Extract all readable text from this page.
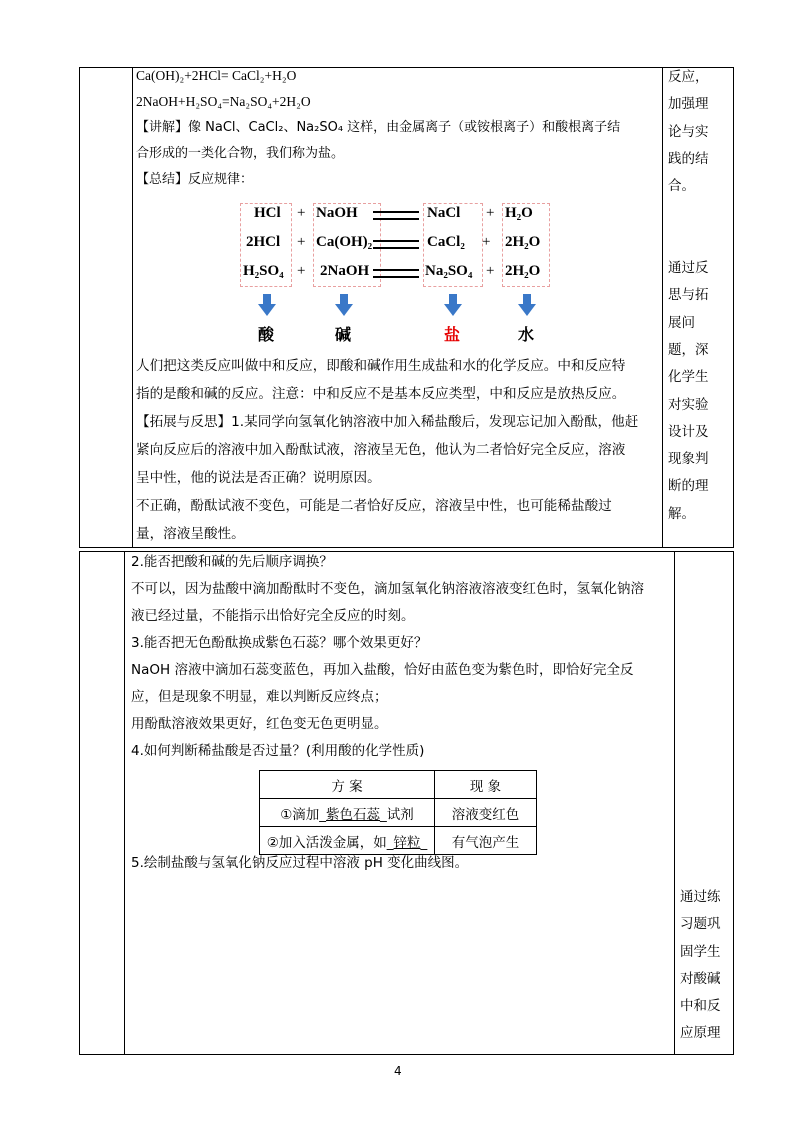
Ca(OH)₂+2HCl= CaCl₂+H₂O
2NaOH+H₂SO₄=Na₂SO₄+2H₂O
【讲解】像 NaCl、CaCl₂、Na₂SO₄ 这样，由金属离子（或铵根离子）和酸根离子结
合形成的一类化合物，我们称为盐。
【总结】反应规律：
HCl + NaOH	NaCl + H₂O
2HCl + Ca(OH)₂	CaCl₂ + 2H₂O
H₂SO₄ + 2NaOH	Na₂SO₄ + 2H₂O
酸	碱	盐	水
人们把这类反应叫做中和反应，即酸和碱作用生成盐和水的化学反应。中和反应特
指的是酸和碱的反应。注意：中和反应不是基本反应类型，中和反应是放热反应。
【拓展与反思】1.某同学向氢氧化钠溶液中加入稀盐酸后，发现忘记加入酚酞，他赶
紧向反应后的溶液中加入酚酞试液，溶液呈无色，他认为二者恰好完全反应，溶液
呈中性，他的说法是否正确？说明原因。
不正确，酚酞试液不变色，可能是二者恰好反应，溶液呈中性，也可能稀盐酸过
量，溶液呈酸性。
反应，
加强理
论与实
践的结
合。

通过反
思与拓
展问
题，深
化学生
对实验
设计及
现象判
断的理
解。
2.能否把酸和碱的先后顺序调换？
不可以，因为盐酸中滴加酚酞时不变色，滴加氢氧化钠溶液溶液变红色时，氢氧化钠溶
液已经过量，不能指示出恰好完全反应的时刻。
3.能否把无色酚酞换成紫色石蕊？哪个效果更好？
NaOH 溶液中滴加石蕊变蓝色，再加入盐酸，恰好由蓝色变为紫色时，即恰好完全反
应，但是现象不明显，难以判断反应终点；
用酚酞溶液效果更好，红色变无色更明显。
4.如何判断稀盐酸是否过量？(利用酸的化学性质)
方 案	现 象
①滴加_紫色石蕊_试剂	溶液变红色
②加入活泼金属，如_锌粒_	有气泡产生
5.绘制盐酸与氢氧化钠反应过程中溶液 pH 变化曲线图。
通过练
习题巩
固学生
对酸碱
中和反
应原理
4
